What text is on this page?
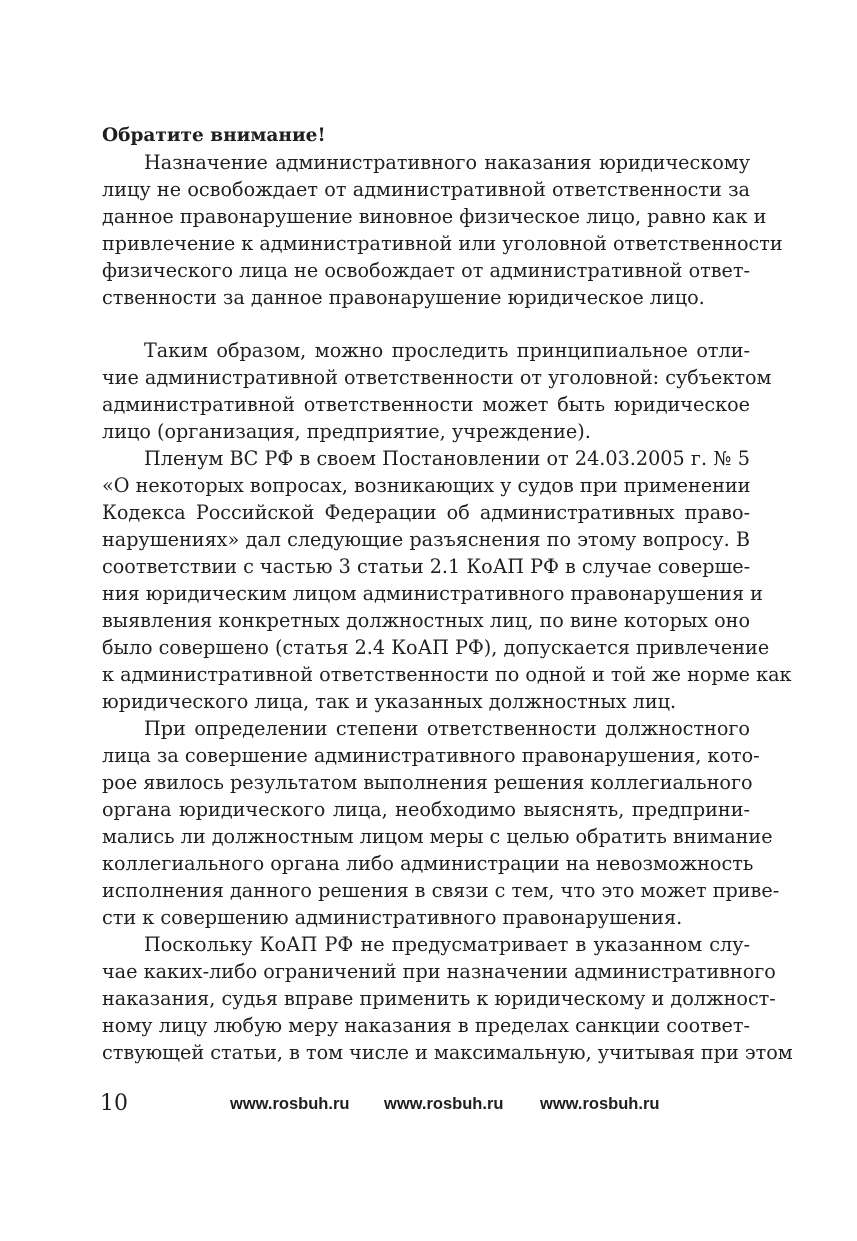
Обратите внимание!
Назначение административного наказания юридическому
лицу не освобождает от административной ответственности за
данное правонарушение виновное физическое лицо, равно как и
привлечение к административной или уголовной ответственности
физического лица не освобождает от административной ответ-
ственности за данное правонарушение юридическое лицо.
Таким образом, можно проследить принципиальное отли-
чие административной ответственности от уголовной: субъектом
административной ответственности может быть юридическое
лицо (организация, предприятие, учреждение).
Пленум ВС РФ в своем Постановлении от 24.03.2005 г. № 5
«О некоторых вопросах, возникающих у судов при применении
Кодекса Российской Федерации об административных право-
нарушениях» дал следующие разъяснения по этому вопросу. В
соответствии с частью 3 статьи 2.1 КоАП РФ в случае соверше-
ния юридическим лицом административного правонарушения и
выявления конкретных должностных лиц, по вине которых оно
было совершено (статья 2.4 КоАП РФ), допускается привлечение
к административной ответственности по одной и той же норме как
юридического лица, так и указанных должностных лиц.
При определении степени ответственности должностного
лица за совершение административного правонарушения, кото-
рое явилось результатом выполнения решения коллегиального
органа юридического лица, необходимо выяснять, предприни-
мались ли должностным лицом меры с целью обратить внимание
коллегиального органа либо администрации на невозможность
исполнения данного решения в связи с тем, что это может приве-
сти к совершению административного правонарушения.
Поскольку КоАП РФ не предусматривает в указанном слу-
чае каких-либо ограничений при назначении административного
наказания, судья вправе применить к юридическому и должност-
ному лицу любую меру наказания в пределах санкции соответ-
ствующей статьи, в том числе и максимальную, учитывая при этом
10	www.rosbuh.ru www.rosbuh.ru www.rosbuh.ru
